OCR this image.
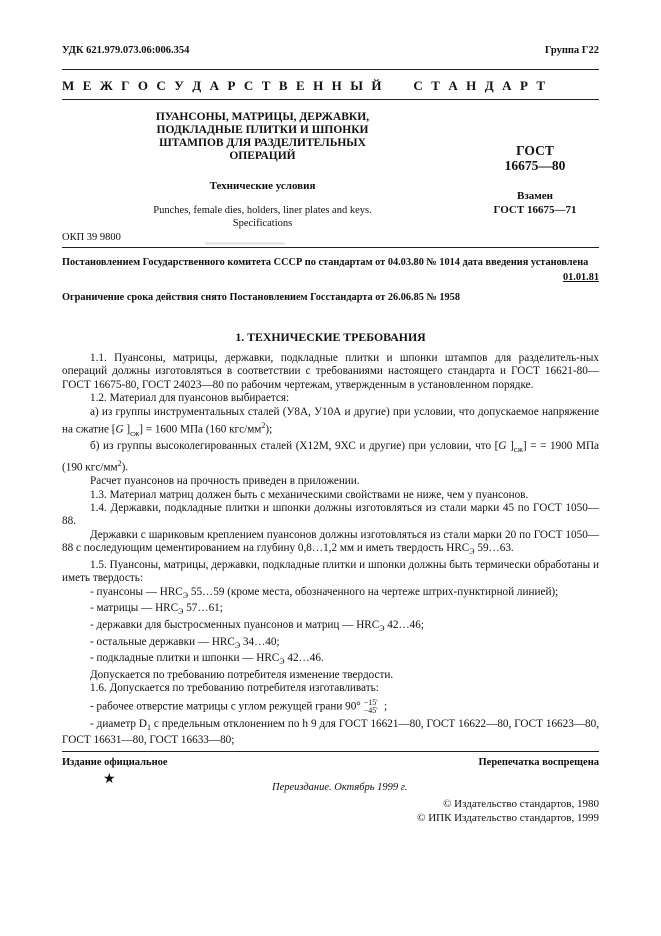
УДК 621.979.073.06:006.354	Группа Г22
М Е Ж Г О С У Д А Р С Т В Е Н Н Ы Й     С Т А Н Д А Р Т
ПУАНСОНЫ, МАТРИЦЫ, ДЕРЖАВКИ,
ПОДКЛАДНЫЕ ПЛИТКИ И ШПОНКИ
ШТАМПОВ ДЛЯ РАЗДЕЛИТЕЛЬНЫХ
ОПЕРАЦИЙ
Технические условия
Punches, female dies, holders, liner plates and keys.
Specifications
ГОСТ
16675—80
Взамен
ГОСТ 16675—71
ОКП 39 9800
Постановлением Государственного комитета СССР по стандартам от 04.03.80 № 1014 дата введения установлена
01.01.81
Ограничение срока действия снято Постановлением Госстандарта от 26.06.85 № 1958
1. ТЕХНИЧЕСКИЕ ТРЕБОВАНИЯ
1.1. Пуансоны, матрицы, державки, подкладные плитки и шпонки штампов для разделитель-ных операций должны изготовляться в соответствии с требованиями настоящего стандарта и ГОСТ 16621-80—ГОСТ 16675-80, ГОСТ 24023—80 по рабочим чертежам, утвержденным в установленном порядке.
1.2. Материал для пуансонов выбирается:
а) из группы инструментальных сталей (У8А, У10А и другие) при условии, что допускаемое напряжение на сжатие [G ]$_{сж}] = 1600$ МПа (160 кгс/$мм^2$);
б) из группы высоколегированных сталей (Х12М, 9ХС и другие) при условии, что [G ]$_{сж}$] = = 1900 МПа (190 кгс/$мм^2$).
Расчет пуансонов на прочность приведен в приложении.
1.3. Материал матриц должен быть с механическими свойствами не ниже, чем у пуансонов.
1.4. Державки, подкладные плитки и шпонки должны изготовляться из стали марки 45 по ГОСТ 1050—88.
Державки с шариковым креплением пуансонов должны изготовляться из стали марки 20 по ГОСТ 1050—88 с последующим цементированием на глубину 0,8…1,2 мм и иметь твердость $HRC_Э$ 59…63.
1.5. Пуансоны, матрицы, державки, подкладные плитки и шпонки должны быть термически обработаны и иметь твердость:
- пуансоны — $HRC_Э$ 55…59 (кроме места, обозначенного на чертеже штрих-пунктирной линией);
- матрицы — $HRC_Э$ 57…61;
- державки для быстросменных пуансонов и матриц — $HRC_Э$ 42…46;
- остальные державки — $HRC_Э$ 34…40;
- подкладные плитки и шпонки — $HRC_Э$ 42…46.
Допускается по требованию потребителя изменение твердости.
1.6. Допускается по требованию потребителя изготавливать:
- рабочее отверстие матрицы с углом режущей грани 90° −15′
−45′ ;
- диаметр $D_1$ с предельным отклонением по h 9 для ГОСТ 16621—80, ГОСТ 16622—80, ГОСТ 16623—80, ГОСТ 16631—80, ГОСТ 16633—80;
Издание официальное
★
Перепечатка воспрещена
Переиздание. Октябрь 1999 г.
© Издательство стандартов, 1980
© ИПК Издательство стандартов, 1999
